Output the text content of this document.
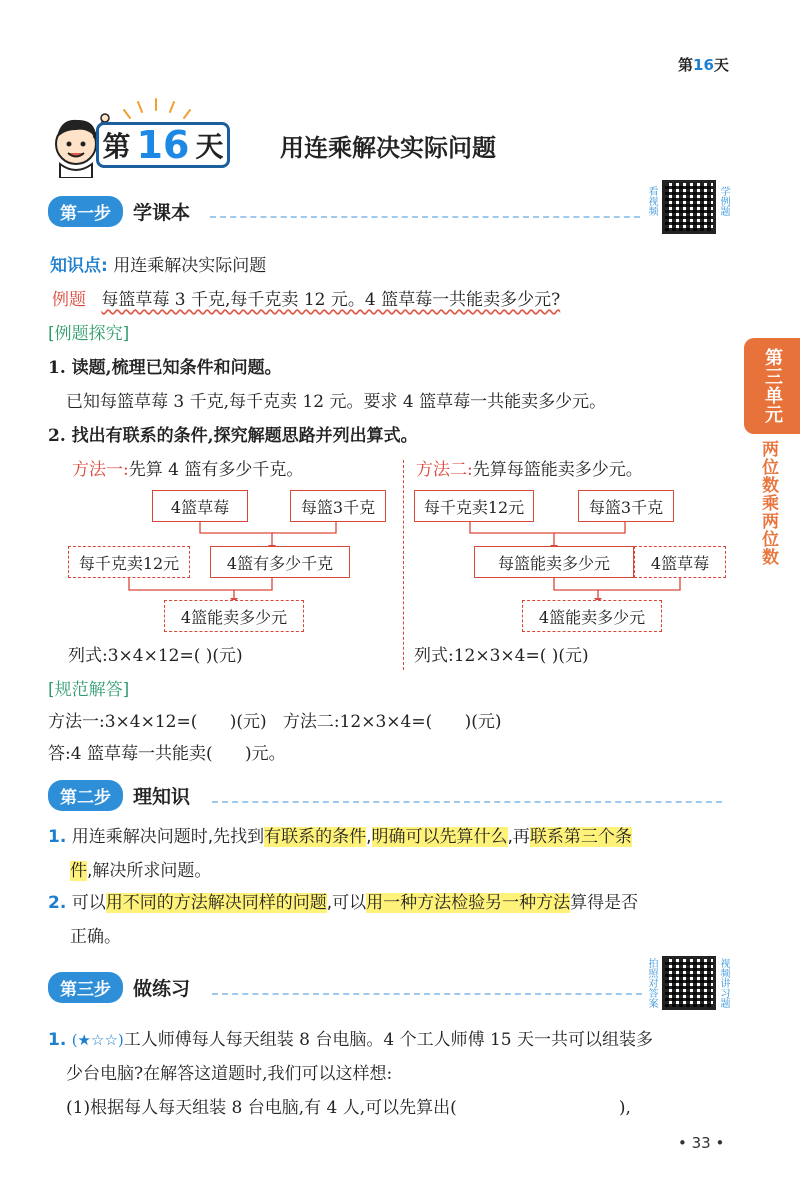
第16天
第 16 天 用连乘解决实际问题
第一步	学课本	看视频	学例题
知识点: 用连乘解决实际问题
例题 每篮草莓 3 千克,每千克卖 12 元。4 篮草莓一共能卖多少元?
[例题探究]
1. 读题,梳理已知条件和问题。
已知每篮草莓 3 千克,每千克卖 12 元。要求 4 篮草莓一共能卖多少元。
2. 找出有联系的条件,探究解题思路并列出算式。
方法一:先算 4 篮有多少千克。	方法二:先算每篮能卖多少元。
4篮草莓	每篮3千克
每千克卖12元	4篮有多少千克
4篮能卖多少元
每千克卖12元	每篮3千克
每篮能卖多少元	4篮草莓
4篮能卖多少元
列式:3×4×12=( )(元)	列式:12×3×4=( )(元)
[规范解答]
方法一:3×4×12=(      )(元)   方法二:12×3×4=(      )(元)
答:4 篮草莓一共能卖(      )元。
第二步	理知识
1. 用连乘解决问题时,先找到有联系的条件,明确可以先算什么,再联系第三个条
件,解决所求问题。
2. 可以用不同的方法解决同样的问题,可以用一种方法检验另一种方法算得是否
正确。
第三步	做练习	拍照对答案	视频讲习题
1. (★☆☆)工人师傅每人每天组装 8 台电脑。4 个工人师傅 15 天一共可以组装多
少台电脑?在解答这道题时,我们可以这样想:
(1)根据每人每天组装 8 台电脑,有 4 人,可以先算出(                              ),
第三单元
两位数乘两位数
• 33 •
